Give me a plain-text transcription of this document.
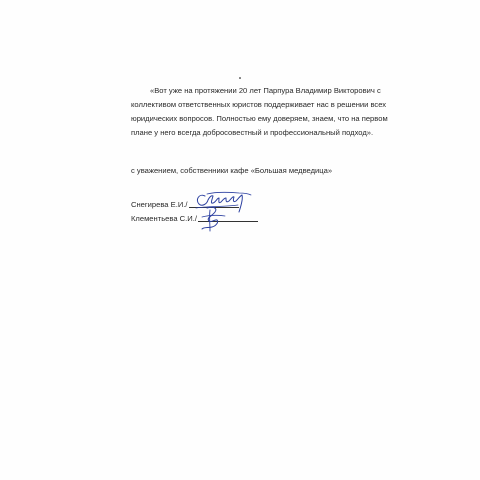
«Вот уже на протяжении 20 лет Парпура Владимир Викторович с
коллективом ответственных юристов поддерживает нас в решении всех
юридических вопросов. Полностью ему доверяем, знаем, что на первом
плане у него всегда добросовестный и профессиональный подход».
с уважением, собственники кафе «Большая медведица»
Снегирева Е.И./
Клементьева С.И./
